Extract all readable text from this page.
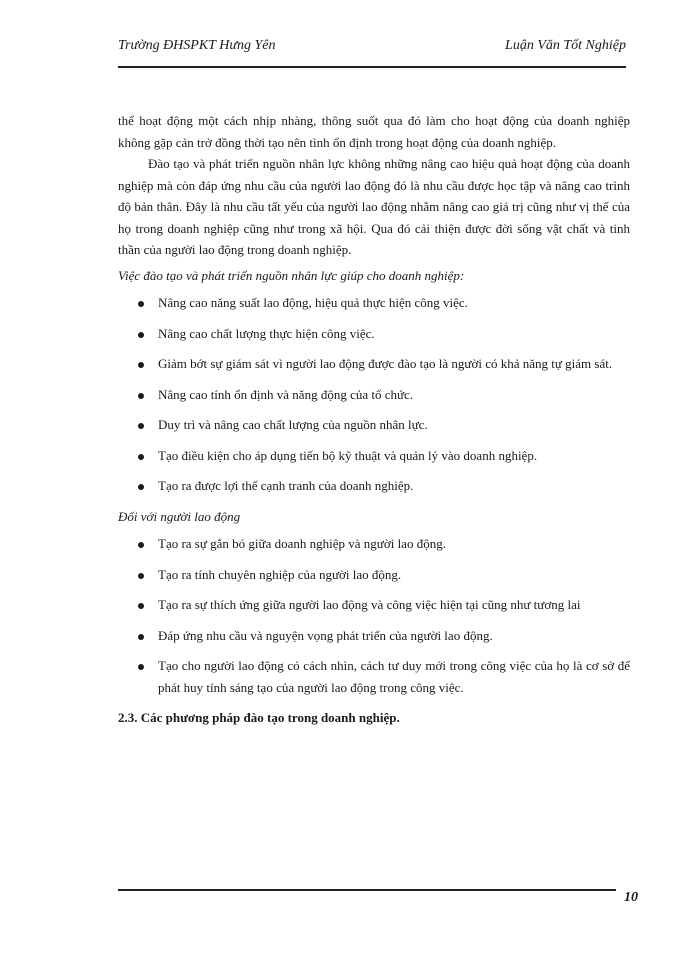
Trường ĐHSPKT Hưng Yên	Luận Văn Tốt Nghiệp

thể hoạt động một cách nhịp nhàng, thông suốt qua đó làm cho hoạt động của doanh nghiệp không gặp cản trở đồng thời tạo nên tình ổn định trong hoạt động của doanh nghiệp.

Đào tạo và phát triển nguồn nhân lực không những nâng cao hiệu quả hoạt động của doanh nghiệp mà còn đáp ứng nhu cầu của người lao động đó là nhu cầu được học tập và nâng cao trình độ bản thân. Đây là nhu cầu tất yếu của người lao động nhằm nâng cao giá trị cũng như vị thế của họ trong doanh nghiệp cũng như trong xã hội. Qua đó cải thiện được đời sống vật chất và tinh thần của người lao động trong doanh nghiệp.

Việc đào tạo và phát triển nguồn nhân lực giúp cho doanh nghiệp:

Nâng cao năng suất lao động, hiệu quả thực hiện công việc.
Nâng cao chất lượng thực hiện công việc.
Giảm bớt sự giám sát vì người lao động được đào tạo là người có khả năng tự giám sát.
Nâng cao tính ổn định và năng động của tổ chức.
Duy trì và nâng cao chất lượng của nguồn nhân lực.
Tạo điều kiện cho áp dụng tiến bộ kỹ thuật và quản lý vào doanh nghiệp.
Tạo ra được lợi thế cạnh tranh của doanh nghiệp.

Đối với người lao động

Tạo ra sự gắn bó giữa doanh nghiệp và người lao động.
Tạo ra tính chuyên nghiệp của người lao động.
Tạo ra sự thích ứng giữa người lao động và công việc hiện tại cũng như tương lai
Đáp ứng nhu cầu và nguyện vọng phát triển của người lao động.
Tạo cho người lao động có cách nhìn, cách tư duy mới trong công việc của họ là cơ sở để phát huy tính sáng tạo của người lao động trong công việc.

2.3. Các phương pháp đào tạo trong doanh nghiệp.

10
